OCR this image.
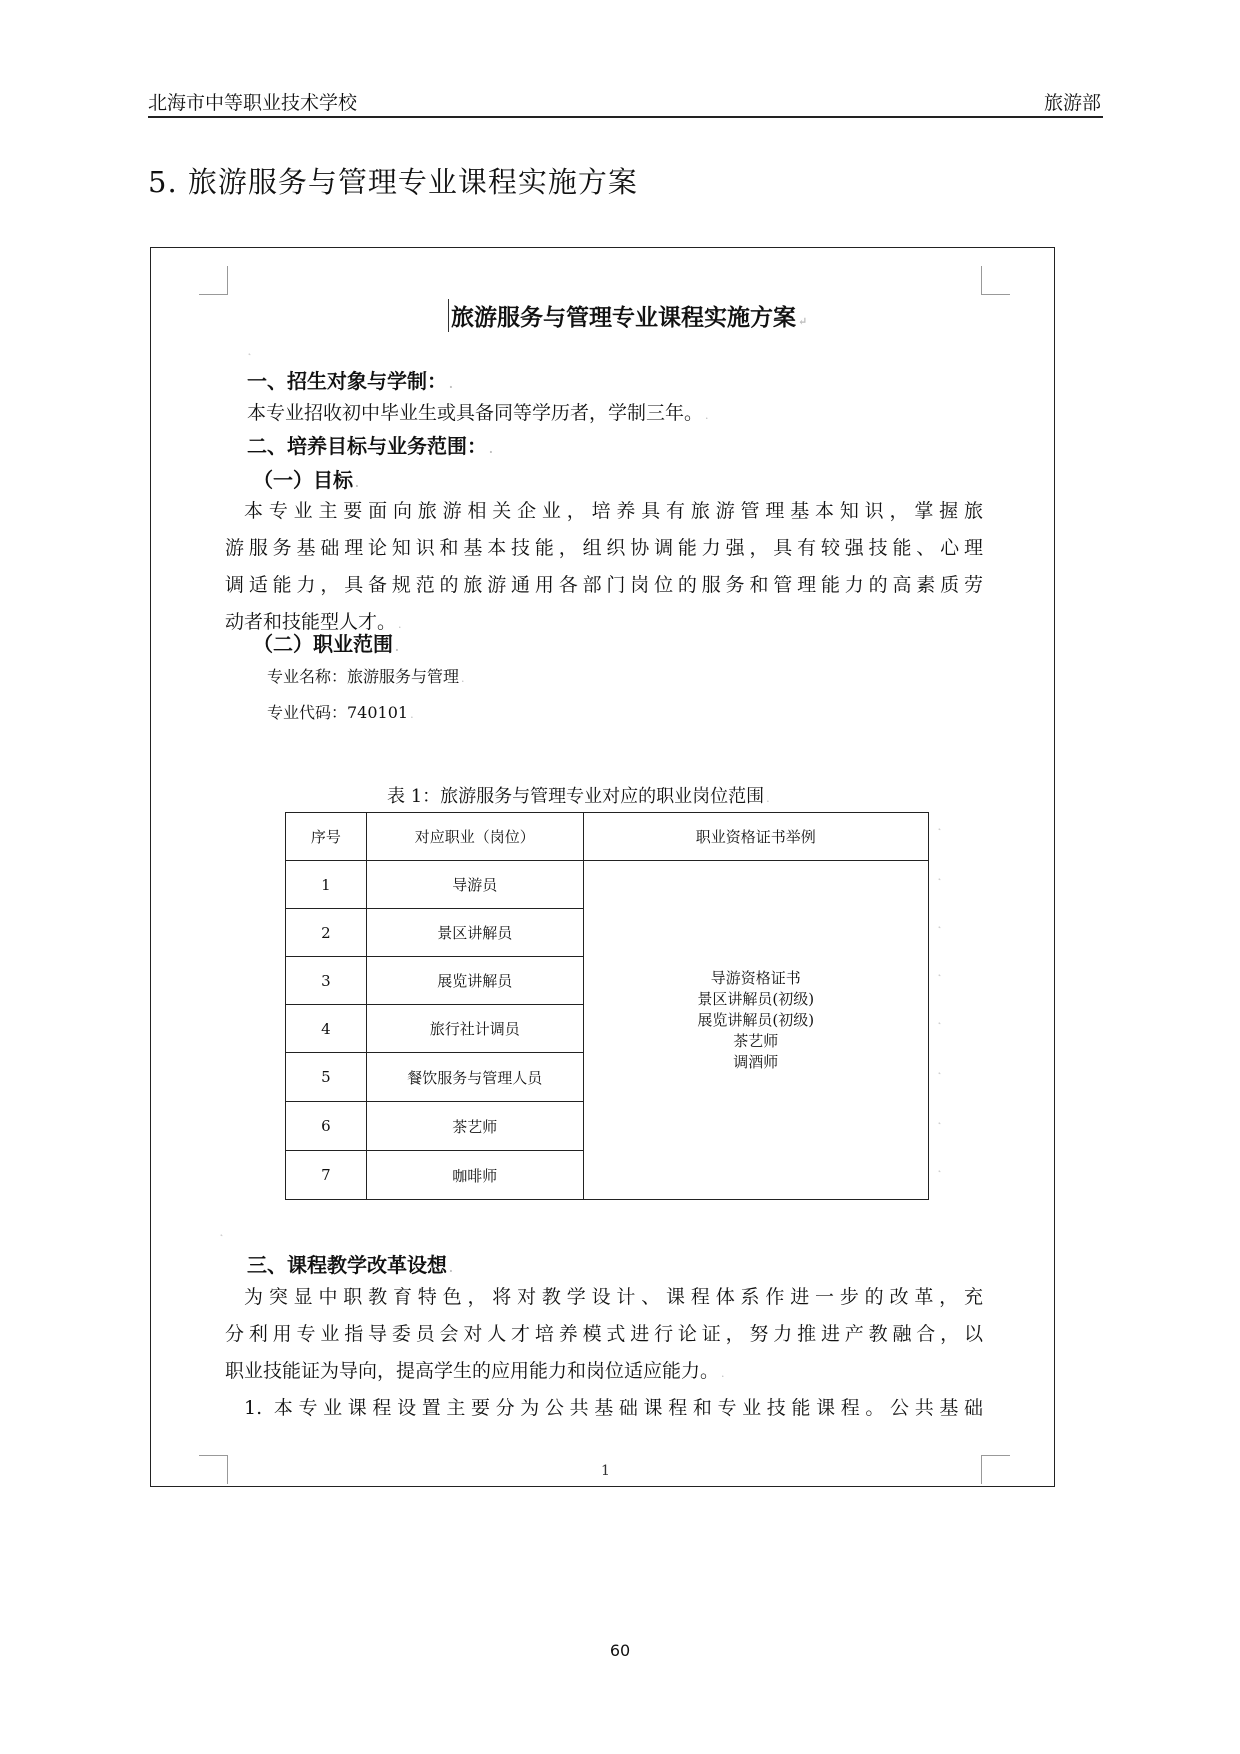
北海市中等职业技术学校	旅游部
5. 旅游服务与管理专业课程实施方案
旅游服务与管理专业课程实施方案 ↵
˛
一、招生对象与学制： .
本专业招收初中毕业生或具备同等学历者，学制三年。 .
二、培养目标与业务范围： .
（一）目标 .
本专业主要面向旅游相关企业，培养具有旅游管理基本知识，掌握旅
游服务基础理论知识和基本技能，组织协调能力强，具有较强技能、心理
调适能力，具备规范的旅游通用各部门岗位的服务和管理能力的高素质劳
动者和技能型人才。 .
（二）职业范围 .
专业名称：旅游服务与管理 .
专业代码：740101 .
表 1：旅游服务与管理专业对应的职业岗位范围 .
序号	对应职业（岗位）	职业资格证书举例
1	导游员	导游资格证书
景区讲解员(初级)
展览讲解员(初级)
茶艺师
调酒师

2	景区讲解员	
3	展览讲解员	
4	旅行社计调员	
5	餐饮服务与管理人员	
6	茶艺师	
7	咖啡师	
˛
˛
˛
˛
˛
˛
˛
˛
˛
三、课程教学改革设想 .
为突显中职教育特色，将对教学设计、课程体系作进一步的改革，充
分利用专业指导委员会对人才培养模式进行论证，努力推进产教融合，以
职业技能证为导向，提高学生的应用能力和岗位适应能力。 .
1. 本专业课程设置主要分为公共基础课程和专业技能课程。公共基础
1
60
